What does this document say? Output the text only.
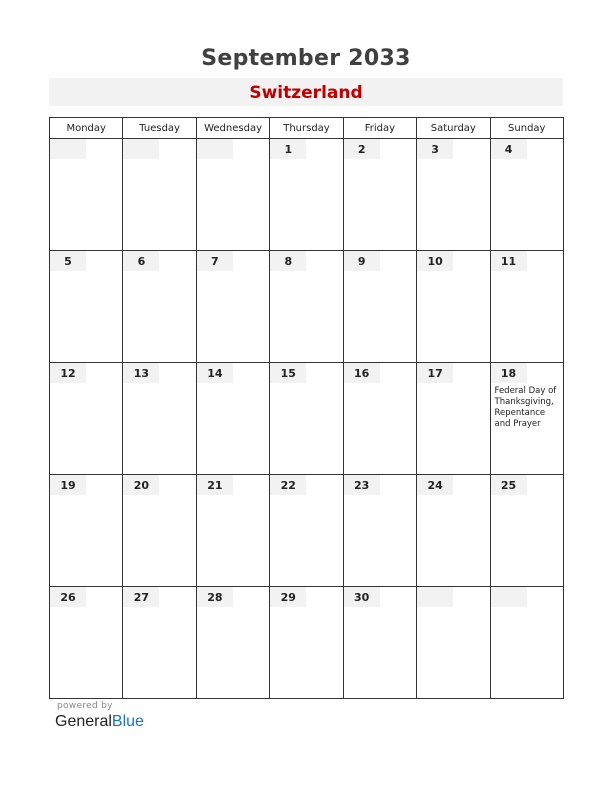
September 2033
Switzerland
Monday	Tuesday	Wednesday	Thursday	Friday	Saturday	Sunday

			1	2	3	4

5	6	7	8	9	10	11

12	13	14	15	16	17	18
Federal Day of Thanksgiving, Repentance and Prayer

19	20	21	22	23	24	25

26	27	28	29	30		

powered by
GeneralBlue
